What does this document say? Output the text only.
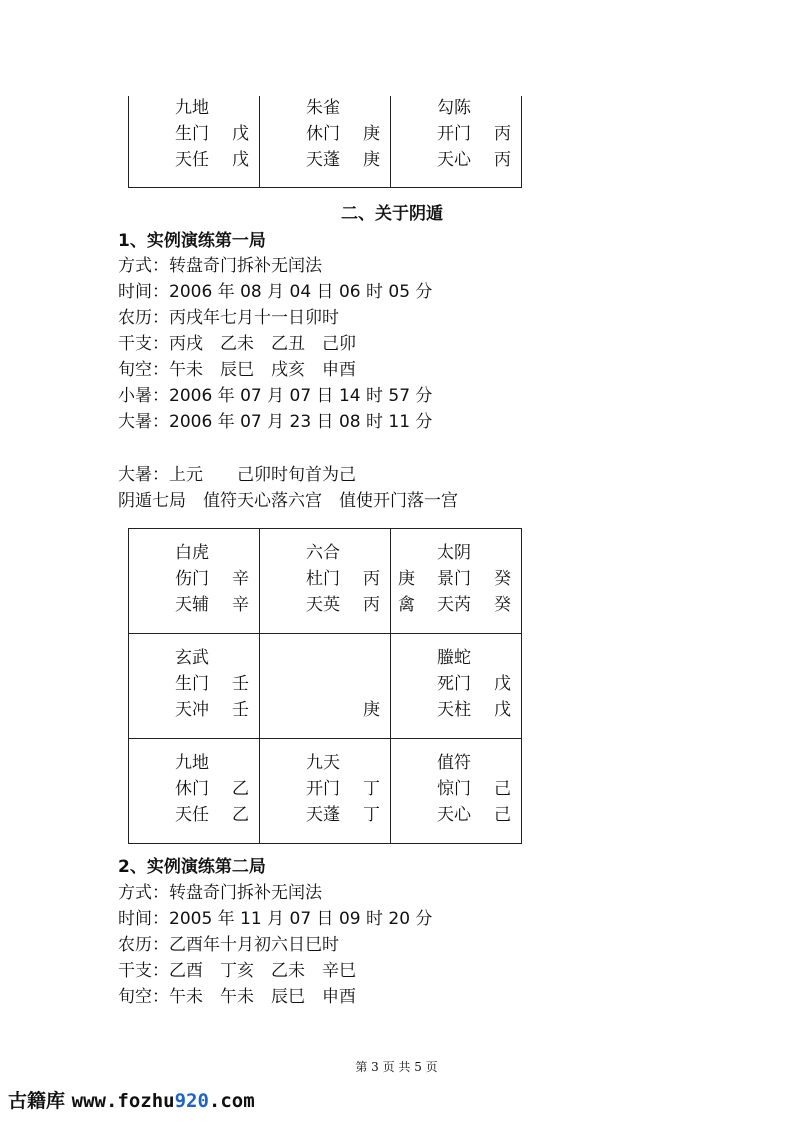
九地
生门 戊
天任 戊
朱雀
休门 庚
天蓬 庚
勾陈
开门 丙
天心 丙
二、关于阴遁
1、实例演练第一局
方式：转盘奇门拆补无闰法
时间：2006 年 08 月 04 日 06 时 05 分
农历：丙戌年七月十一日卯时
干支：丙戌　乙未　乙丑　己卯
旬空：午未　辰巳　戌亥　申酉
小暑：2006 年 07 月 07 日 14 时 57 分
大暑：2006 年 07 月 23 日 08 时 11 分
大暑：上元　　己卯时旬首为己
阴遁七局　值符天心落六宫　值使开门落一宫
白虎
伤门 辛
天辅 辛
六合
杜门 丙
天英 丙
太阴
庚 景门 癸
禽 天芮 癸
玄武
生门 壬
天冲 壬	庚
螣蛇
死门 戊
天柱 戊
九地
休门 乙
天任 乙
九天
开门 丁
天蓬 丁
值符
惊门 己
天心 己
2、实例演练第二局
方式：转盘奇门拆补无闰法
时间：2005 年 11 月 07 日 09 时 20 分
农历：乙酉年十月初六日巳时
干支：乙酉　丁亥　乙未　辛巳
旬空：午未　午未　辰巳　申酉
第 3 页 共 5 页
古籍库 www.fozhu920.com
